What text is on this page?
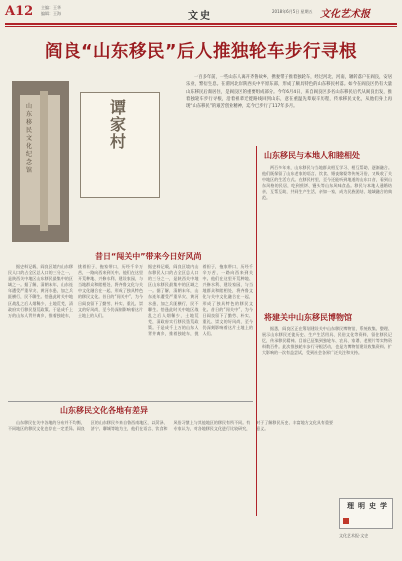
A12 主编：王华
编辑：王海	文史	2018年6月5日 星期五 文化艺术报
阎良“山东移民”后人推独轮车步行寻根
一百多年前，一些山东人离开齐鲁故乡，携妻带子推着独轮车，经过河北、河南，辗转落户在阎良，安居乐业，繁衍生息。在渭河北岸陕西关中平原东部，形成了颇具特色的山东移民村落。如今在阎良区仍有大量山东移民后裔居住，是阎良区的重要组成部分。今年6月4日，来自阎良区多名山东移民后代从阎良出发，推着独轮车步行寻根，沿着祖辈迁徙路线回到山东，意在重温先辈艰辛历程，传承移民文化，从他们身上再现“山东移民”的艰苦创业精神，迄今已步行了117年多月。
山东移民文化纪念馆
谭家村
昔日“闯关中”带来今日好风尚
据史料记载，阎良区境内山东移民人口约占全区总人口的三分之一，是陕西关中地区山东移民最集中的区域之一。据了解，清朝末年，山东连年遭受严重旱灾、黄河水患，加之兵匪横行，民不聊生。恰逢此时关中地区战乱之后人烟稀少，土地荒芜，清政府实行移民垦荒政策。于是成千上万的山东人背井离乡，推着独轮车，挑着担子，拖家带口，历经千辛万苦，一路向西来到关中。他们在这里开荒种地、兴修水利、建设家园，与当地群众和睦相处，将齐鲁文化与关中文化融合在一起，形成了独具特色的移民文化。昔日的“闯关中”，为今日阎良留下了勤劳、朴实、重礼、崇文的好风尚，至今仍深刻影响着这片土地上的人们。
据史料记载，阎良区境内山东移民人口约占全区总人口的三分之一，是陕西关中地区山东移民最集中的区域之一。据了解，清朝末年，山东连年遭受严重旱灾、黄河水患，加之兵匪横行，民不聊生。恰逢此时关中地区战乱之后人烟稀少，土地荒芜，清政府实行移民垦荒政策。于是成千上万的山东人背井离乡，推着独轮车，挑着担子，拖家带口，历经千辛万苦，一路向西来到关中。他们在这里开荒种地、兴修水利、建设家园，与当地群众和睦相处，将齐鲁文化与关中文化融合在一起，形成了独具特色的移民文化。昔日的“闯关中”，为今日阎良留下了勤劳、朴实、重礼、崇文的好风尚，至今仍深刻影响着这片土地上的人们。
山东移民与本地人和睦相处
两百多年来，山东移民与当地群众相互学习、相互帮助，逐渐融合。他们既保留了山东老家的语言、饮食、婚丧嫁娶等传统习俗，又吸收了关中地区的生活方式。在移民村里，至今还能听到地道的山东口音，看到山东风格的民居，吃到煎饼、馒头等山东风味食品。移民与本地人通婚结亲，互帮互助，共同生产生活，亲如一家，成为民族团结、地域融合的典范。
将建关中山东移民博物馆
据悉，阎良区正在筹划建设关中山东移民博物馆，系统收集、整理、展示山东移民迁徙历史、生产生活用具、民俗文化等资料，留住移民记忆，传承移民精神。目前已征集到独轮车、农具、家谱、老照片等实物资料数百件。此次推独轮车步行寻根活动，也是为博物馆建设收集资料、扩大影响的一次有益尝试，受到社会各界广泛关注和支持。
山东移民文化各地有差异
山东移民在关中各地的分布并不均衡，不同地区的移民文化也存在一定差异。阎良区的山东移民多来自鲁西南地区，以菏泽、济宁、聊城等地为主，他们在语言、饮食和风俗习惯上与其他地区的移民有所不同。有专家认为，对各地移民文化进行比较研究，对于了解移民历史、丰富地方文化具有重要意义。
学
史
明
理
文化艺术报·文史
